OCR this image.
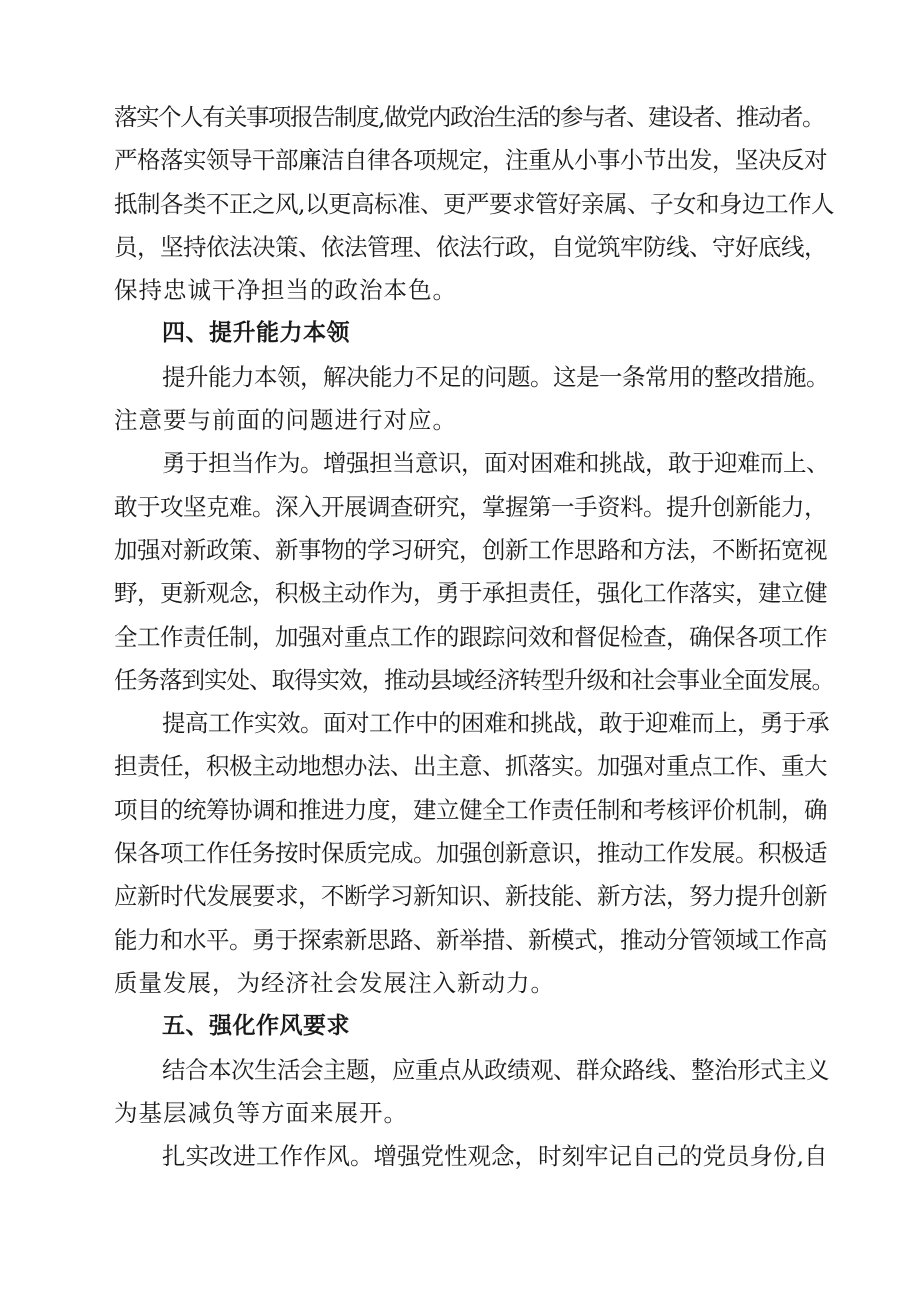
落实个人有关事项报告制度,做党内政治生活的参与者、建设者、推动者。
严格落实领导干部廉洁自律各项规定，注重从小事小节出发，坚决反对
抵制各类不正之风,以更高标准、更严要求管好亲属、子女和身边工作人
员，坚持依法决策、依法管理、依法行政，自觉筑牢防线、守好底线，
保持忠诚干净担当的政治本色。
四、提升能力本领
提升能力本领，解决能力不足的问题。这是一条常用的整改措施。
注意要与前面的问题进行对应。
勇于担当作为。增强担当意识，面对困难和挑战，敢于迎难而上、
敢于攻坚克难。深入开展调查研究，掌握第一手资料。提升创新能力，
加强对新政策、新事物的学习研究，创新工作思路和方法，不断拓宽视
野，更新观念，积极主动作为，勇于承担责任，强化工作落实，建立健
全工作责任制，加强对重点工作的跟踪问效和督促检查，确保各项工作
任务落到实处、取得实效，推动县域经济转型升级和社会事业全面发展。
提高工作实效。面对工作中的困难和挑战，敢于迎难而上，勇于承
担责任，积极主动地想办法、出主意、抓落实。加强对重点工作、重大
项目的统筹协调和推进力度，建立健全工作责任制和考核评价机制，确
保各项工作任务按时保质完成。加强创新意识，推动工作发展。积极适
应新时代发展要求，不断学习新知识、新技能、新方法，努力提升创新
能力和水平。勇于探索新思路、新举措、新模式，推动分管领域工作高
质量发展，为经济社会发展注入新动力。
五、强化作风要求
结合本次生活会主题，应重点从政绩观、群众路线、整治形式主义
为基层减负等方面来展开。
扎实改进工作作风。增强党性观念，时刻牢记自己的党员身份,自
